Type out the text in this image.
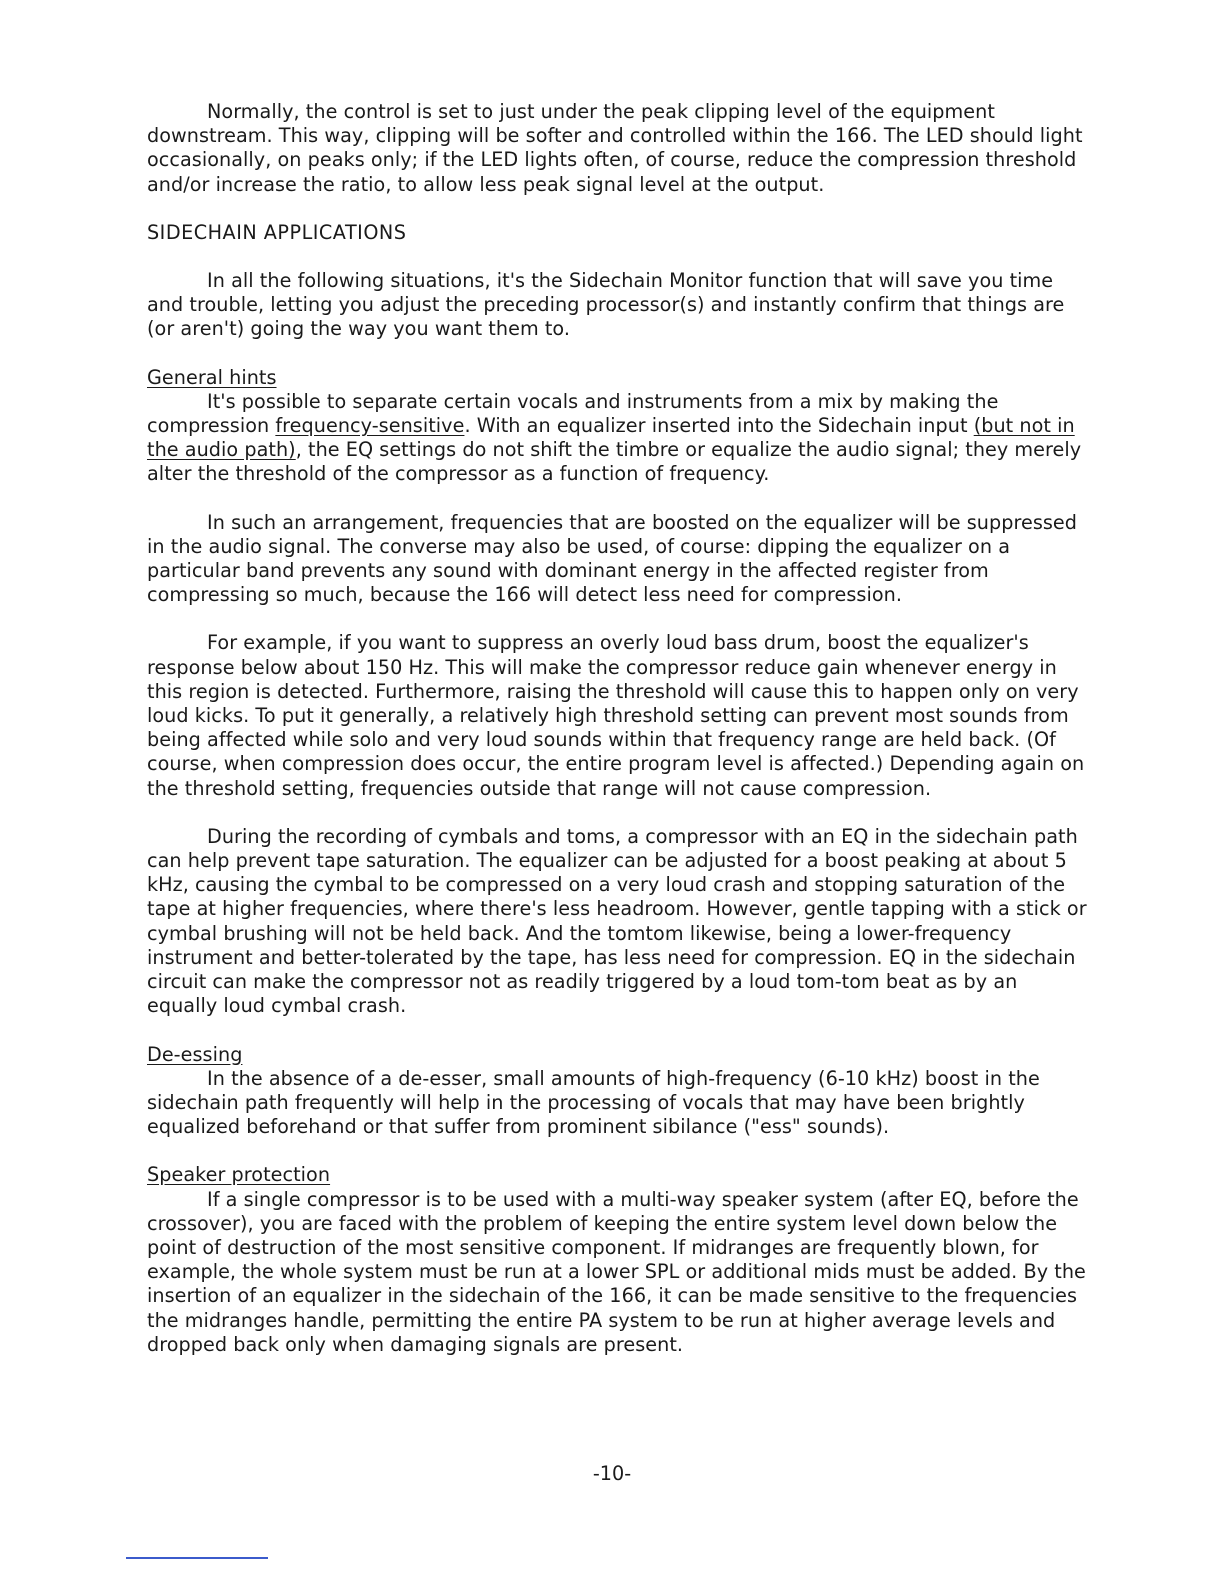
Normally, the control is set to just under the peak clipping level of the equipment downstream. This way, clipping will be softer and controlled within the 166. The LED should light occasionally, on peaks only; if the LED lights often, of course, reduce the compression threshold and/or increase the ratio, to allow less peak signal level at the output.

SIDECHAIN APPLICATIONS

In all the following situations, it's the Sidechain Monitor function that will save you time and trouble, letting you adjust the preceding processor(s) and instantly confirm that things are (or aren't) going the way you want them to.

General hints

It's possible to separate certain vocals and instruments from a mix by making the compression frequency-sensitive. With an equalizer inserted into the Sidechain input (but not in the audio path), the EQ settings do not shift the timbre or equalize the audio signal; they merely alter the threshold of the compressor as a function of frequency.

In such an arrangement, frequencies that are boosted on the equalizer will be suppressed in the audio signal. The converse may also be used, of course: dipping the equalizer on a particular band prevents any sound with dominant energy in the affected register from compressing so much, because the 166 will detect less need for compression.

For example, if you want to suppress an overly loud bass drum, boost the equalizer's response below about 150 Hz. This will make the compressor reduce gain whenever energy in this region is detected. Furthermore, raising the threshold will cause this to happen only on very loud kicks. To put it generally, a relatively high threshold setting can prevent most sounds from being affected while solo and very loud sounds within that frequency range are held back. (Of course, when compression does occur, the entire program level is affected.) Depending again on the threshold setting, frequencies outside that range will not cause compression.

During the recording of cymbals and toms, a compressor with an EQ in the sidechain path can help prevent tape saturation. The equalizer can be adjusted for a boost peaking at about 5 kHz, causing the cymbal to be compressed on a very loud crash and stopping saturation of the tape at higher frequencies, where there's less headroom. However, gentle tapping with a stick or cymbal brushing will not be held back. And the tomtom likewise, being a lower-frequency instrument and better-tolerated by the tape, has less need for compression. EQ in the sidechain circuit can make the compressor not as readily triggered by a loud tom-tom beat as by an equally loud cymbal crash.

De-essing

In the absence of a de-esser, small amounts of high-frequency (6-10 kHz) boost in the sidechain path frequently will help in the processing of vocals that may have been brightly equalized beforehand or that suffer from prominent sibilance ("ess" sounds).

Speaker protection

If a single compressor is to be used with a multi-way speaker system (after EQ, before the crossover), you are faced with the problem of keeping the entire system level down below the point of destruction of the most sensitive component. If midranges are frequently blown, for example, the whole system must be run at a lower SPL or additional mids must be added. By the insertion of an equalizer in the sidechain of the 166, it can be made sensitive to the frequencies the midranges handle, permitting the entire PA system to be run at higher average levels and dropped back only when damaging signals are present.

-10-
